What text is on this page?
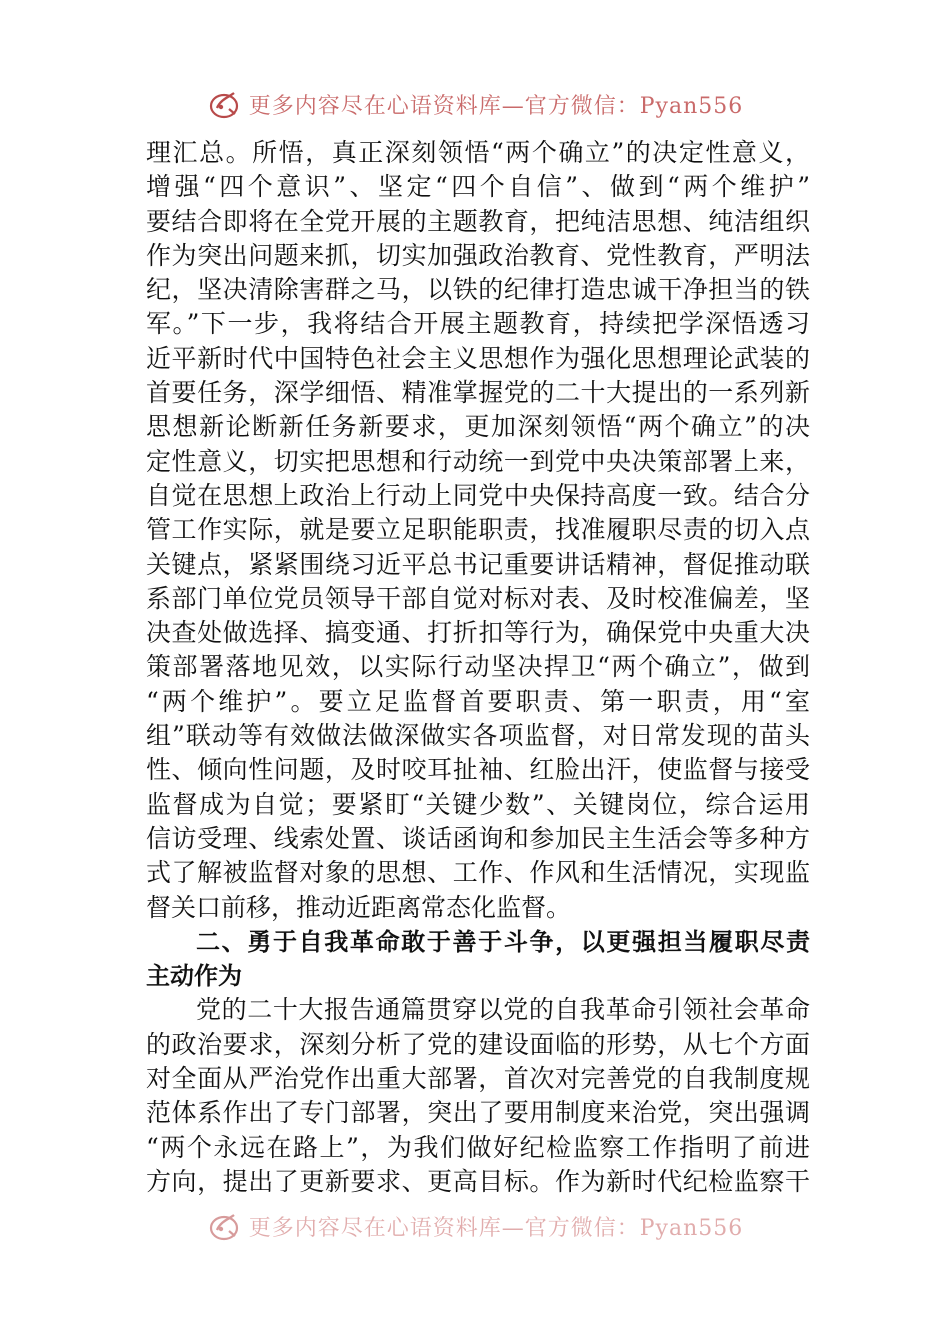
更多内容尽在心语资料库—官方微信：Pyan556
理汇总。所悟，真正深刻领悟“两个确立”的决定性意义，
增强“四个意识”、坚定“四个自信”、做到“两个维护”
要结合即将在全党开展的主题教育，把纯洁思想、纯洁组织
作为突出问题来抓，切实加强政治教育、党性教育，严明法
纪，坚决清除害群之马，以铁的纪律打造忠诚干净担当的铁
军。”下一步，我将结合开展主题教育，持续把学深悟透习
近平新时代中国特色社会主义思想作为强化思想理论武装的
首要任务，深学细悟、精准掌握党的二十大提出的一系列新
思想新论断新任务新要求，更加深刻领悟“两个确立”的决
定性意义，切实把思想和行动统一到党中央决策部署上来，
自觉在思想上政治上行动上同党中央保持高度一致。结合分
管工作实际，就是要立足职能职责，找准履职尽责的切入点
关键点，紧紧围绕习近平总书记重要讲话精神，督促推动联
系部门单位党员领导干部自觉对标对表、及时校准偏差，坚
决查处做选择、搞变通、打折扣等行为，确保党中央重大决
策部署落地见效，以实际行动坚决捍卫“两个确立”，做到
“两个维护”。要立足监督首要职责、第一职责，用“室
组”联动等有效做法做深做实各项监督，对日常发现的苗头
性、倾向性问题，及时咬耳扯袖、红脸出汗，使监督与接受
监督成为自觉；要紧盯“关键少数”、关键岗位，综合运用
信访受理、线索处置、谈话函询和参加民主生活会等多种方
式了解被监督对象的思想、工作、作风和生活情况，实现监
督关口前移，推动近距离常态化监督。
二、勇于自我革命敢于善于斗争，以更强担当履职尽责
主动作为
党的二十大报告通篇贯穿以党的自我革命引领社会革命
的政治要求，深刻分析了党的建设面临的形势，从七个方面
对全面从严治党作出重大部署，首次对完善党的自我制度规
范体系作出了专门部署，突出了要用制度来治党，突出强调
“两个永远在路上”，为我们做好纪检监察工作指明了前进
方向，提出了更新要求、更高目标。作为新时代纪检监察干
更多内容尽在心语资料库—官方微信：Pyan556
